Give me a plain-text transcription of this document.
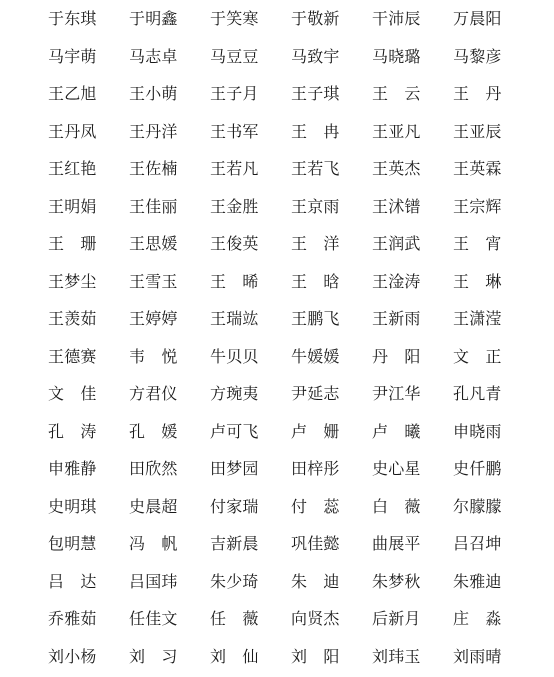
于东琪	于明鑫	于笑寒	于敬新	干沛辰	万晨阳
马宇萌	马志卓	马豆豆	马致宇	马晓璐	马黎彦
王乙旭	王小萌	王子月	王子琪	王　云	王　丹
王丹凤	王丹洋	王书军	王　冉	王亚凡	王亚辰
王红艳	王佐楠	王若凡	王若飞	王英杰	王英霖
王明娟	王佳丽	王金胜	王京雨	王沭镨	王宗辉
王　珊	王思媛	王俊英	王　洋	王润武	王　宵
王梦尘	王雪玉	王　晞	王　晗	王淦涛	王　琳
王羡茹	王婷婷	王瑞竑	王鹏飞	王新雨	王潇滢
王德赛	韦　悦	牛贝贝	牛媛媛	丹　阳	文　正
文　佳	方君仪	方琬夷	尹延志	尹江华	孔凡青
孔　涛	孔　媛	卢可飞	卢　姗	卢　曦	申晓雨
申雅静	田欣然	田梦园	田梓彤	史心星	史仟鹏
史明琪	史晨超	付家瑞	付　蕊	白　薇	尔朦朦
包明慧	冯　帆	吉新晨	巩佳懿	曲展平	吕召坤
吕　达	吕国玮	朱少琦	朱　迪	朱梦秋	朱雅迪
乔雅茹	任佳文	任　薇	向贤杰	后新月	庄　淼
刘小杨	刘　习	刘　仙	刘　阳	刘玮玉	刘雨晴
